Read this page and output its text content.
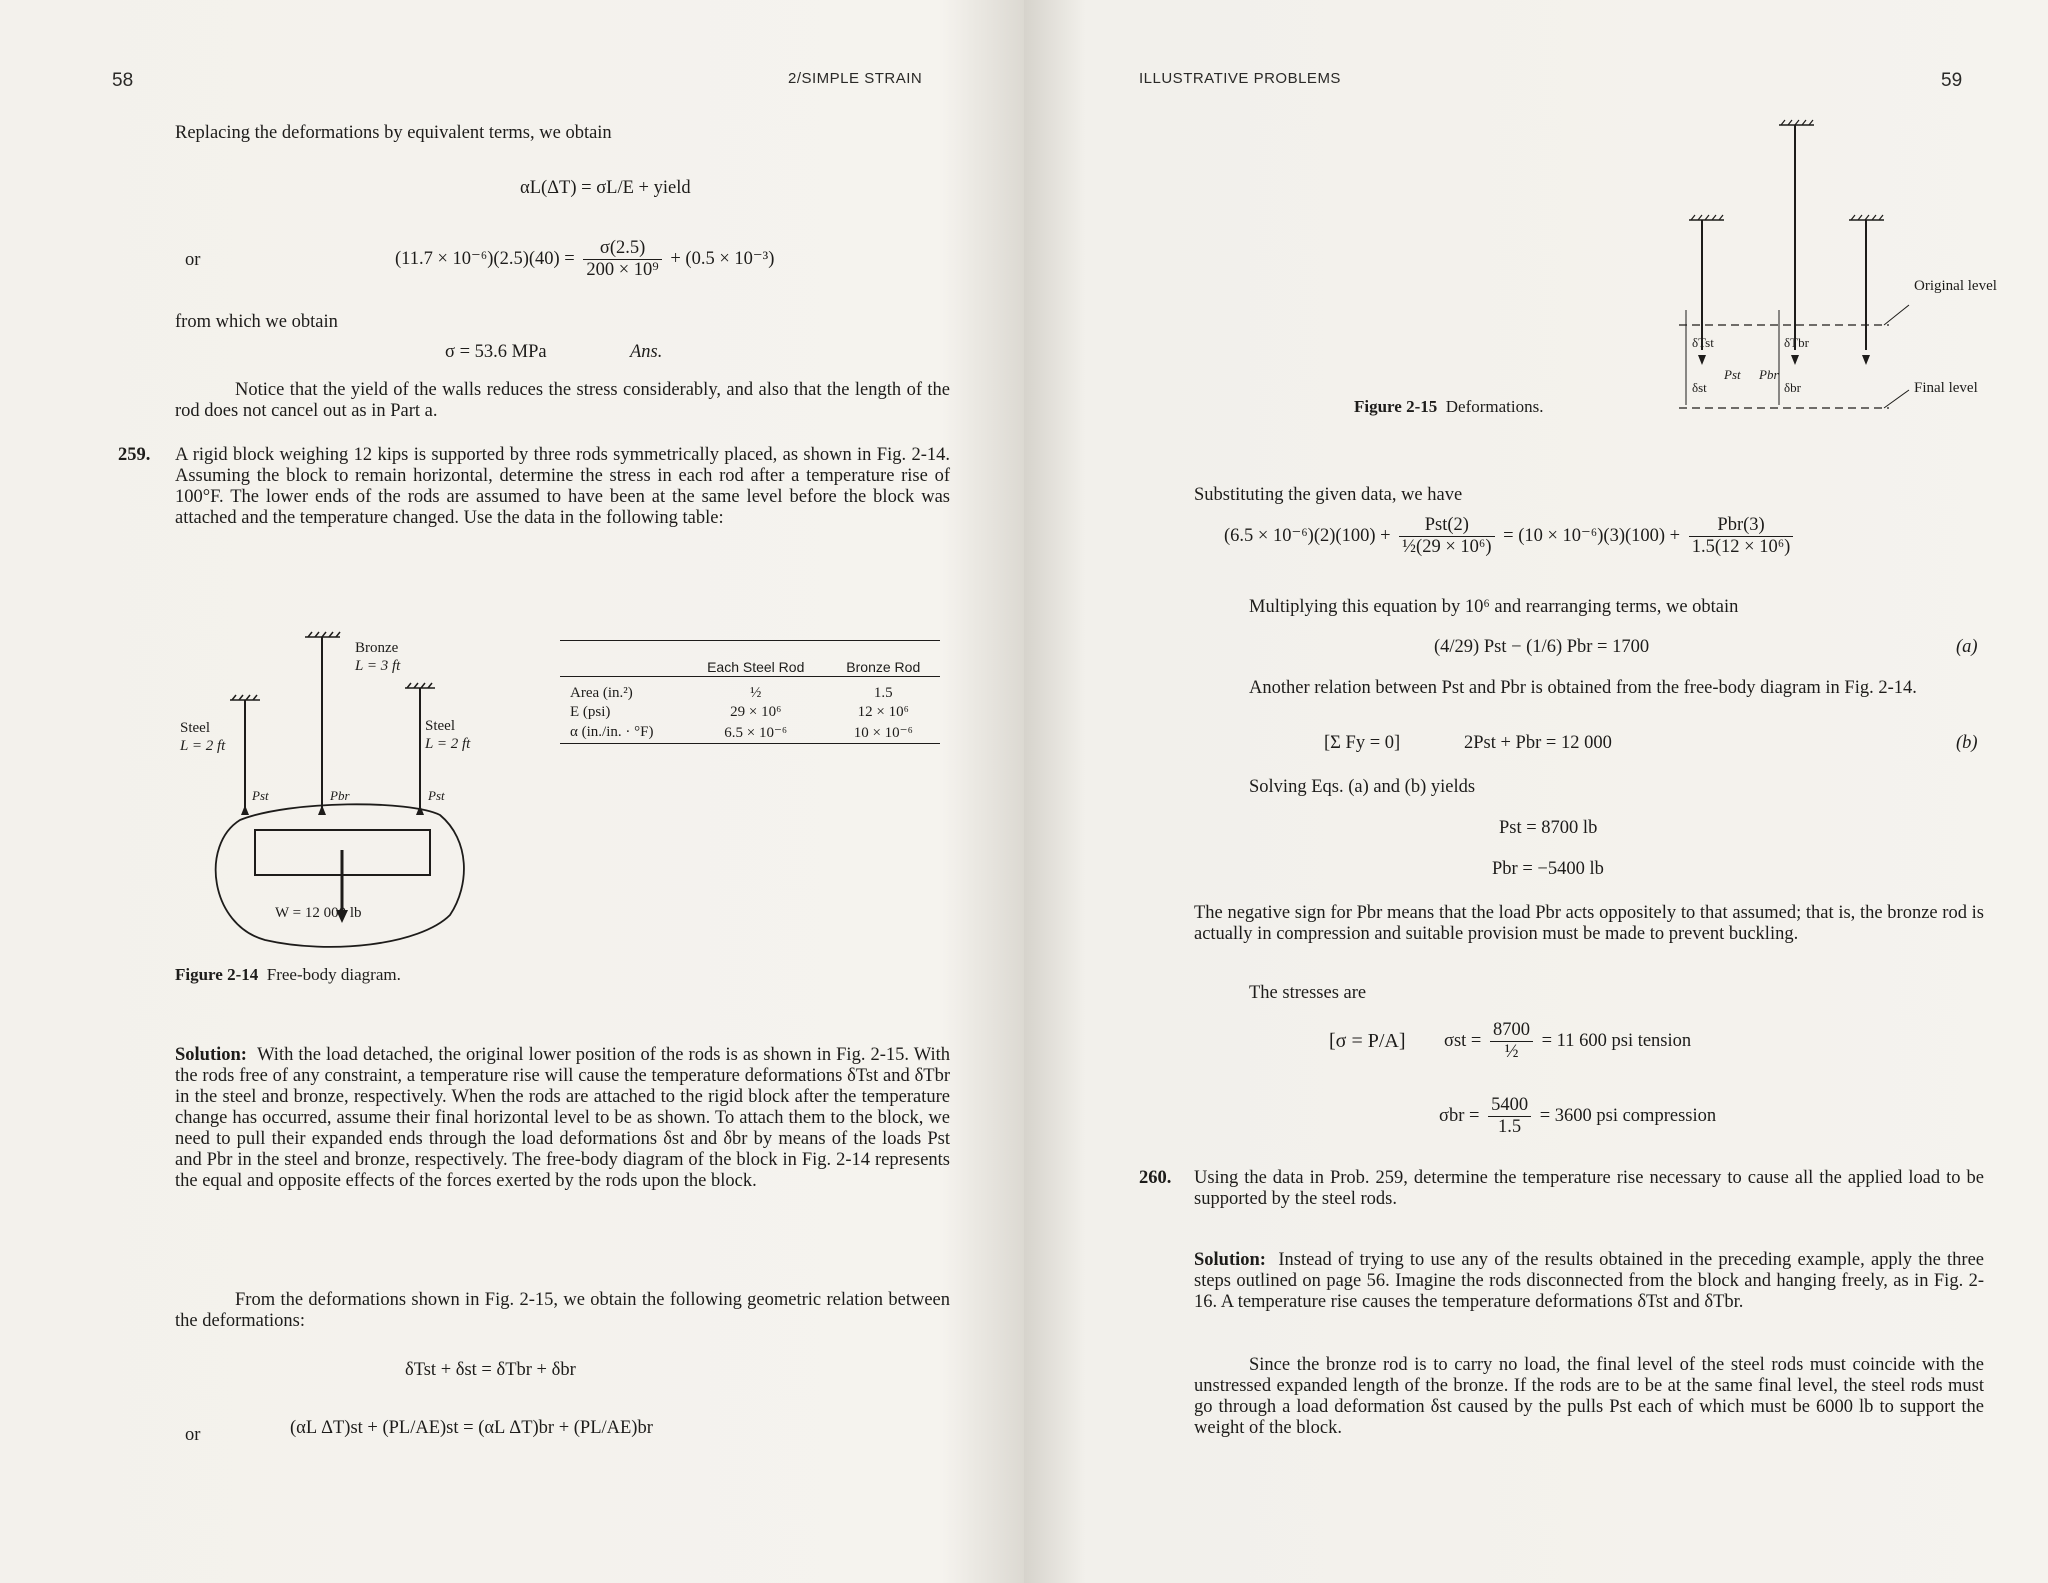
58	2/SIMPLE STRAIN
Replacing the deformations by equivalent terms, we obtain
αL(ΔT) = σL/E + yield
or	$(11.7 \times 10^{-6})(2.5)(40) = \frac{\sigma(2.5)}{\text{200 × 10⁹}} + (0.5 \times 10^{-3})$
from which we obtain
σ = 53.6 MPa	Ans.
Notice that the yield of the walls reduces the stress considerably, and also that the length of the rod does not cancel out as in Part a.
259. A rigid block weighing 12 kips is supported by three rods symmetrically placed, as shown in Fig. 2-14. Assuming the block to remain horizontal, determine the stress in each rod after a temperature rise of 100°F. The lower ends of the rods are assumed to have been at the same level before the block was attached and the temperature changed. Use the data in the following table:
Bronze
L = 3 ft
Steel
L = 2 ft
Steel
L = 2 ft
Pst	Pbr	Pst
W = 12 000 lb
Figure 2-14 Free-body diagram.
	Each Steel Rod	Bronze Rod
Area (in.²)	½	1.5
E (psi)	29 × 10⁶	12 × 10⁶
α (in./in. · °F)	6.5 × 10⁻⁶	10 × 10⁻⁶
Solution: With the load detached, the original lower position of the rods is as shown in Fig. 2-15. With the rods free of any constraint, a temperature rise will cause the temperature deformations δTst and δTbr in the steel and bronze, respectively. When the rods are attached to the rigid block after the temperature change has occurred, assume their final horizontal level to be as shown. To attach them to the block, we need to pull their expanded ends through the load deformations δst and δbr by means of the loads Pst and Pbr in the steel and bronze, respectively. The free-body diagram of the block in Fig. 2-14 represents the equal and opposite effects of the forces exerted by the rods upon the block.
From the deformations shown in Fig. 2-15, we obtain the following geometric relation between the deformations:
δTst + δst = δTbr + δbr
or	(αL ΔT)st + (PL/AE)st = (αL ΔT)br + (PL/AE)br
ILLUSTRATIVE PROBLEMS	59
Original level
Final level
δTst	δTbr
δst	δbr
Pst Pbr
Figure 2-15 Deformations.
Substituting the given data, we have
$(6.5 \times 10^{-6})(2)(100) + \frac{\text{Pst(2)}}{\text{½(29 × 10⁶)}} = (10 \times 10^{-6})(3)(100) + \frac{\text{Pbr(3)}}{\text{1.5(12 × 10⁶)}}$
Multiplying this equation by 10⁶ and rearranging terms, we obtain
(4/29) Pst − (1/6) Pbr = 1700	(a)
Another relation between Pst and Pbr is obtained from the free-body diagram in Fig. 2-14.
[Σ Fy = 0]	2Pst + Pbr = 12 000	(b)
Solving Eqs. (a) and (b) yields
Pst = 8700 lb
Pbr = −5400 lb
The negative sign for Pbr means that the load Pbr acts oppositely to that assumed; that is, the bronze rod is actually in compression and suitable provision must be made to prevent buckling.
The stresses are
[σ = P/A] $\sigma st = \frac{8700}{\text{½}} = 11$ 600 psi tension
$\sigma br = \frac{5400}{1.5} = 3600$ psi compression
260. Using the data in Prob. 259, determine the temperature rise necessary to cause all the applied load to be supported by the steel rods.
Solution: Instead of trying to use any of the results obtained in the preceding example, apply the three steps outlined on page 56. Imagine the rods disconnected from the block and hanging freely, as in Fig. 2-16. A temperature rise causes the temperature deformations δTst and δTbr.
Since the bronze rod is to carry no load, the final level of the steel rods must coincide with the unstressed expanded length of the bronze. If the rods are to be at the same final level, the steel rods must go through a load deformation δst caused by the pulls Pst each of which must be 6000 lb to support the weight of the block.
